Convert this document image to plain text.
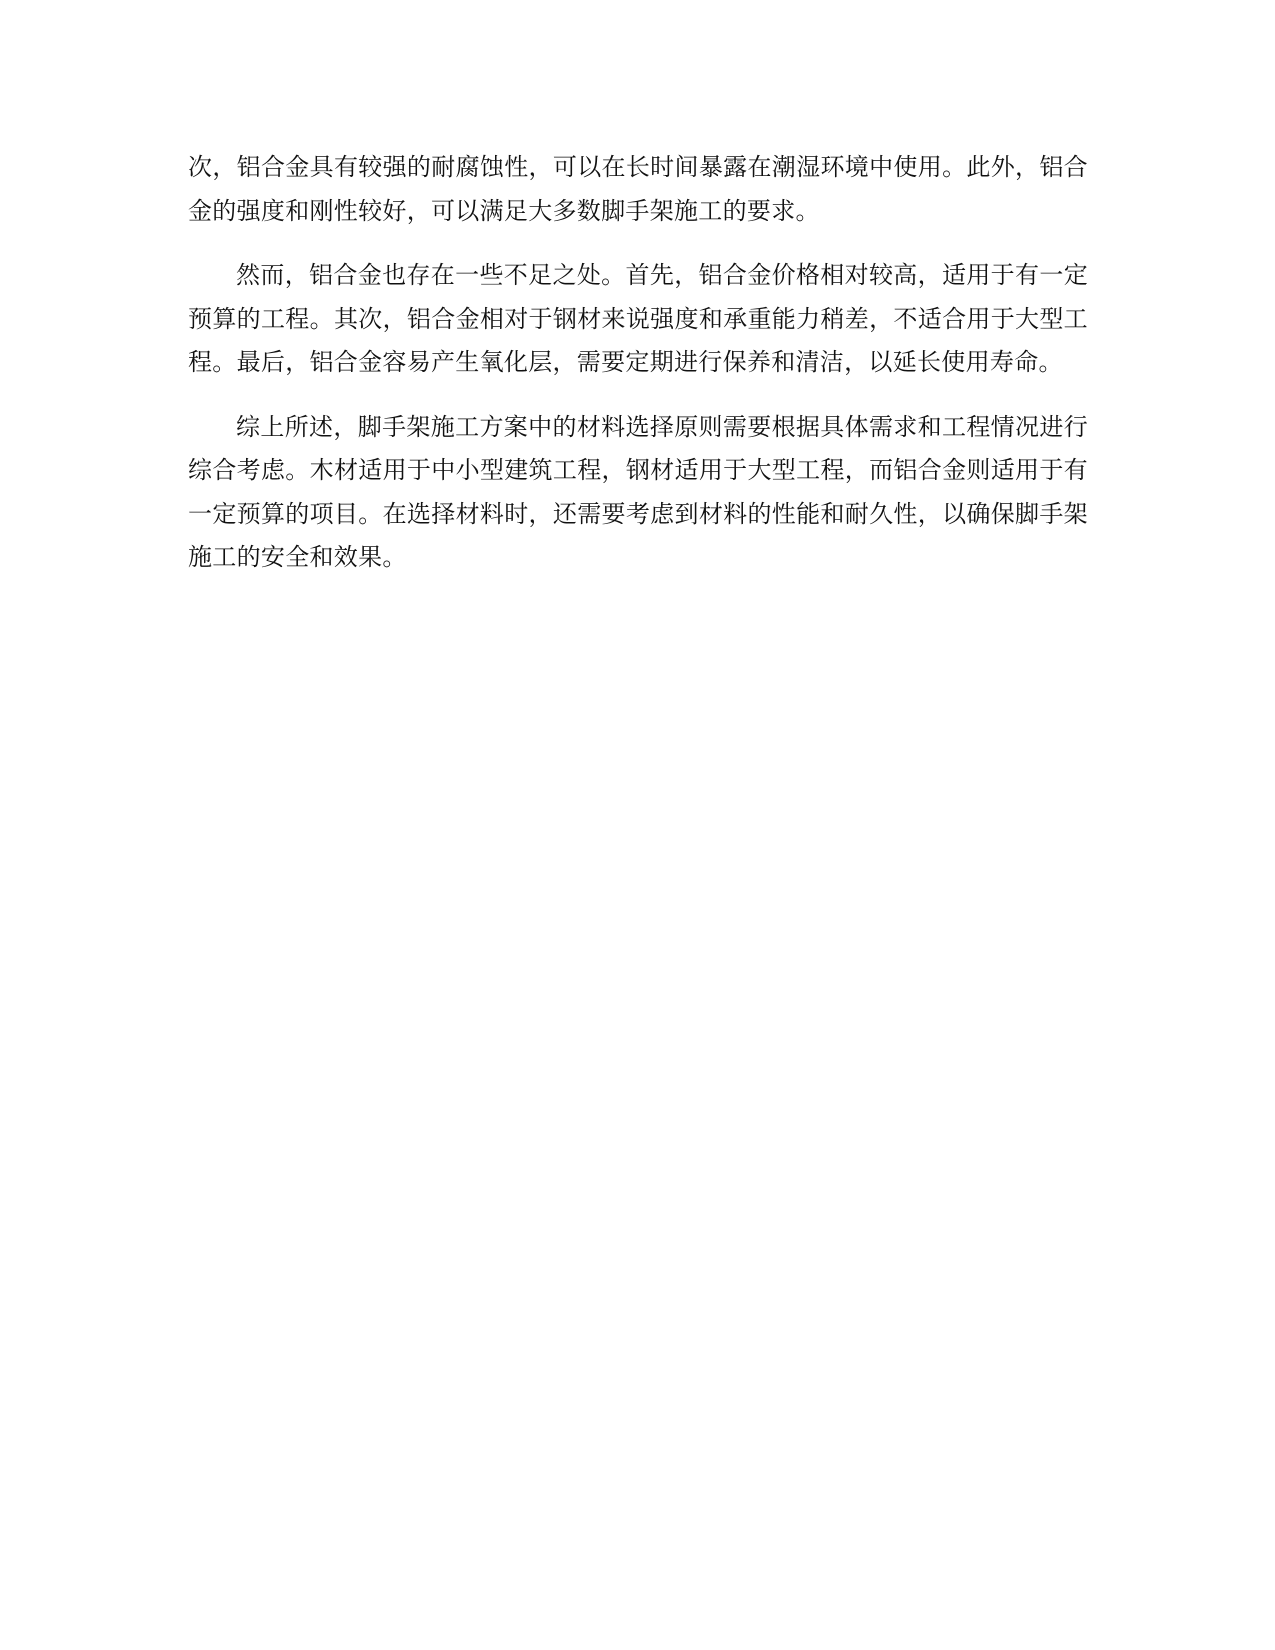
次，铝合金具有较强的耐腐蚀性，可以在长时间暴露在潮湿环境中使用。此外，铝合金的强度和刚性较好，可以满足大多数脚手架施工的要求。

然而，铝合金也存在一些不足之处。首先，铝合金价格相对较高，适用于有一定预算的工程。其次，铝合金相对于钢材来说强度和承重能力稍差，不适合用于大型工程。最后，铝合金容易产生氧化层，需要定期进行保养和清洁，以延长使用寿命。

综上所述，脚手架施工方案中的材料选择原则需要根据具体需求和工程情况进行综合考虑。木材适用于中小型建筑工程，钢材适用于大型工程，而铝合金则适用于有一定预算的项目。在选择材料时，还需要考虑到材料的性能和耐久性，以确保脚手架施工的安全和效果。
